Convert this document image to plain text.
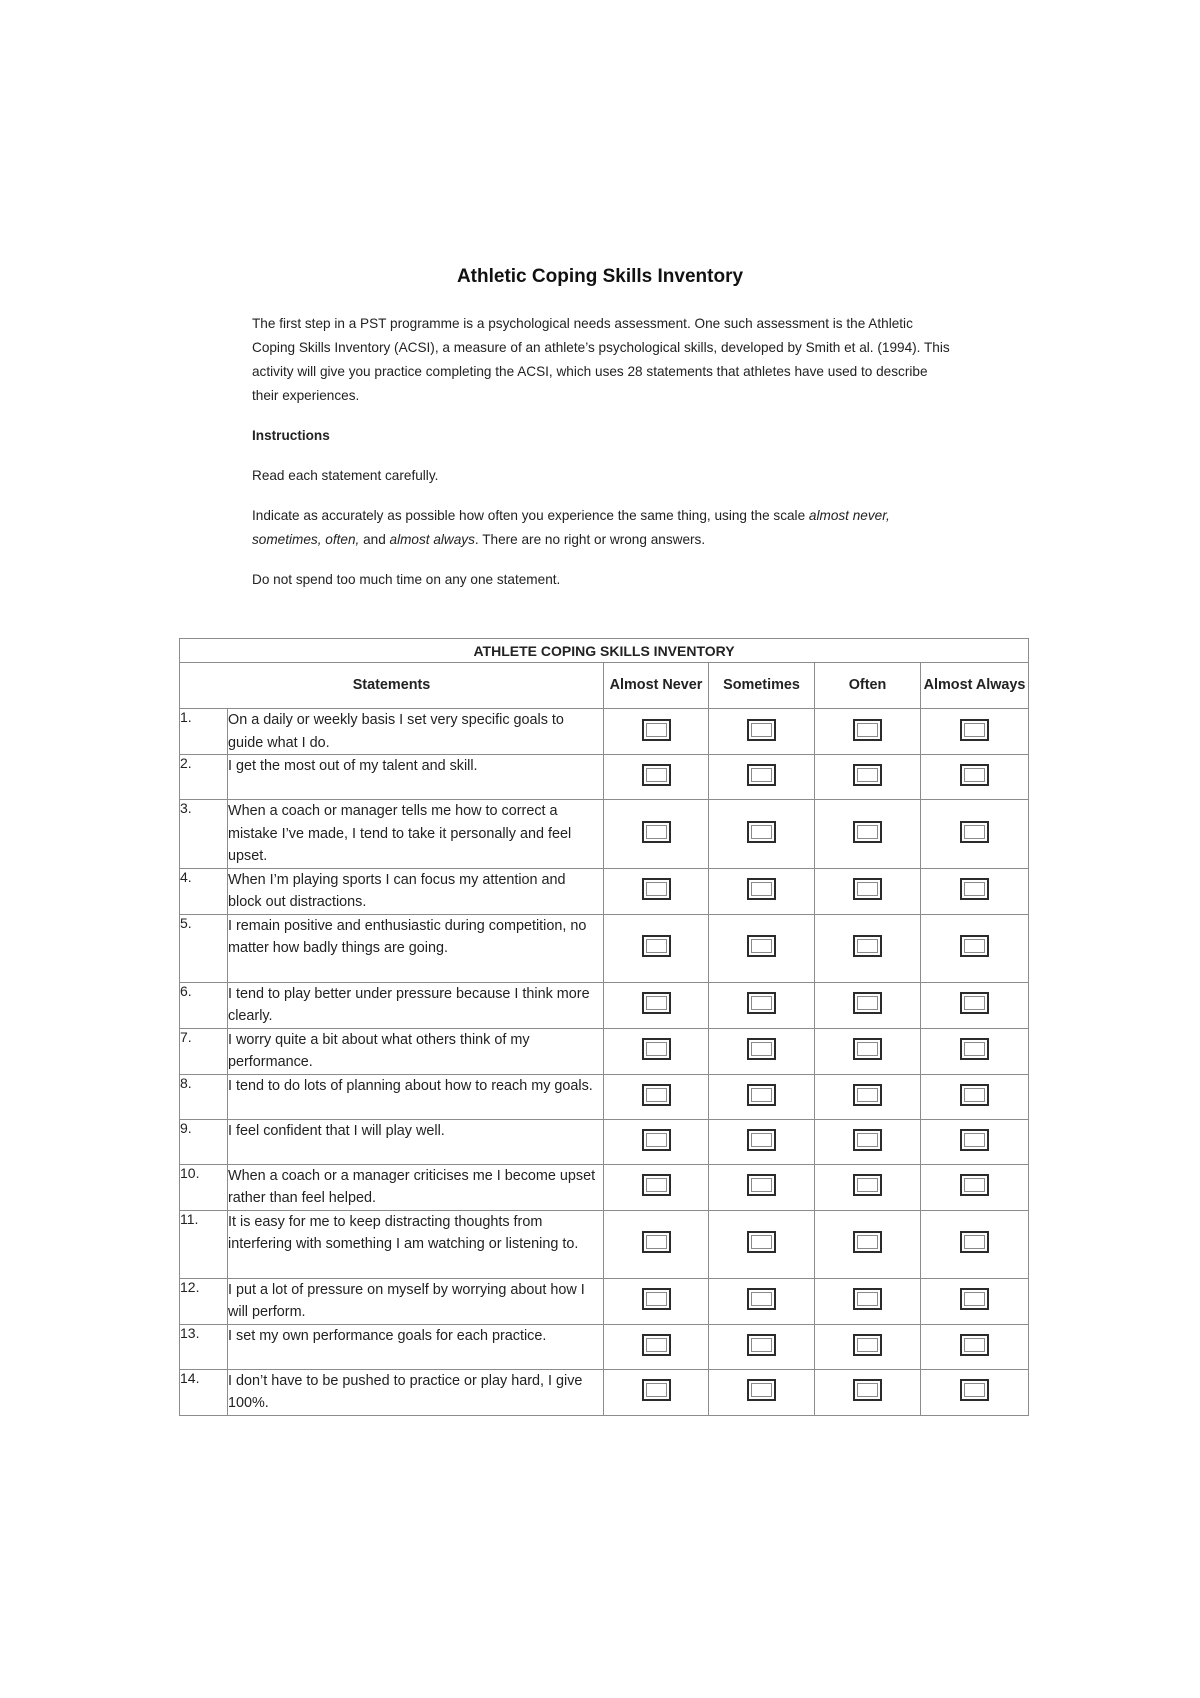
Athletic Coping Skills Inventory

The first step in a PST programme is a psychological needs assessment. One such assessment is the Athletic Coping Skills Inventory (ACSI), a measure of an athlete’s psychological skills, developed by Smith et al. (1994). This activity will give you practice completing the ACSI, which uses 28 statements that athletes have used to describe their experiences.

Instructions

Read each statement carefully.

Indicate as accurately as possible how often you experience the same thing, using the scale almost never, sometimes, often, and almost always. There are no right or wrong answers.

Do not spend too much time on any one statement.

ATHLETE COPING SKILLS INVENTORY					
Statements		Almost Never	Sometimes	Often	Almost Always
1.	On a daily or weekly basis I set very specific goals to guide what I do.				
2.	I get the most out of my talent and skill.				
3.	When a coach or manager tells me how to correct a mistake I’ve made, I tend to take it personally and feel upset.				
4.	When I’m playing sports I can focus my attention and block out distractions.				
5.	I remain positive and enthusiastic during competition, no matter how badly things are going.				
6.	I tend to play better under pressure because I think more clearly.				
7.	I worry quite a bit about what others think of my performance.				
8.	I tend to do lots of planning about how to reach my goals.				
9.	I feel confident that I will play well.				
10.	When a coach or a manager criticises me I become upset rather than feel helped.				
11.	It is easy for me to keep distracting thoughts from interfering with something I am watching or listening to.				
12.	I put a lot of pressure on myself by worrying about how I will perform.				
13.	I set my own performance goals for each practice.				
14.	I don’t have to be pushed to practice or play hard, I give 100%.				
